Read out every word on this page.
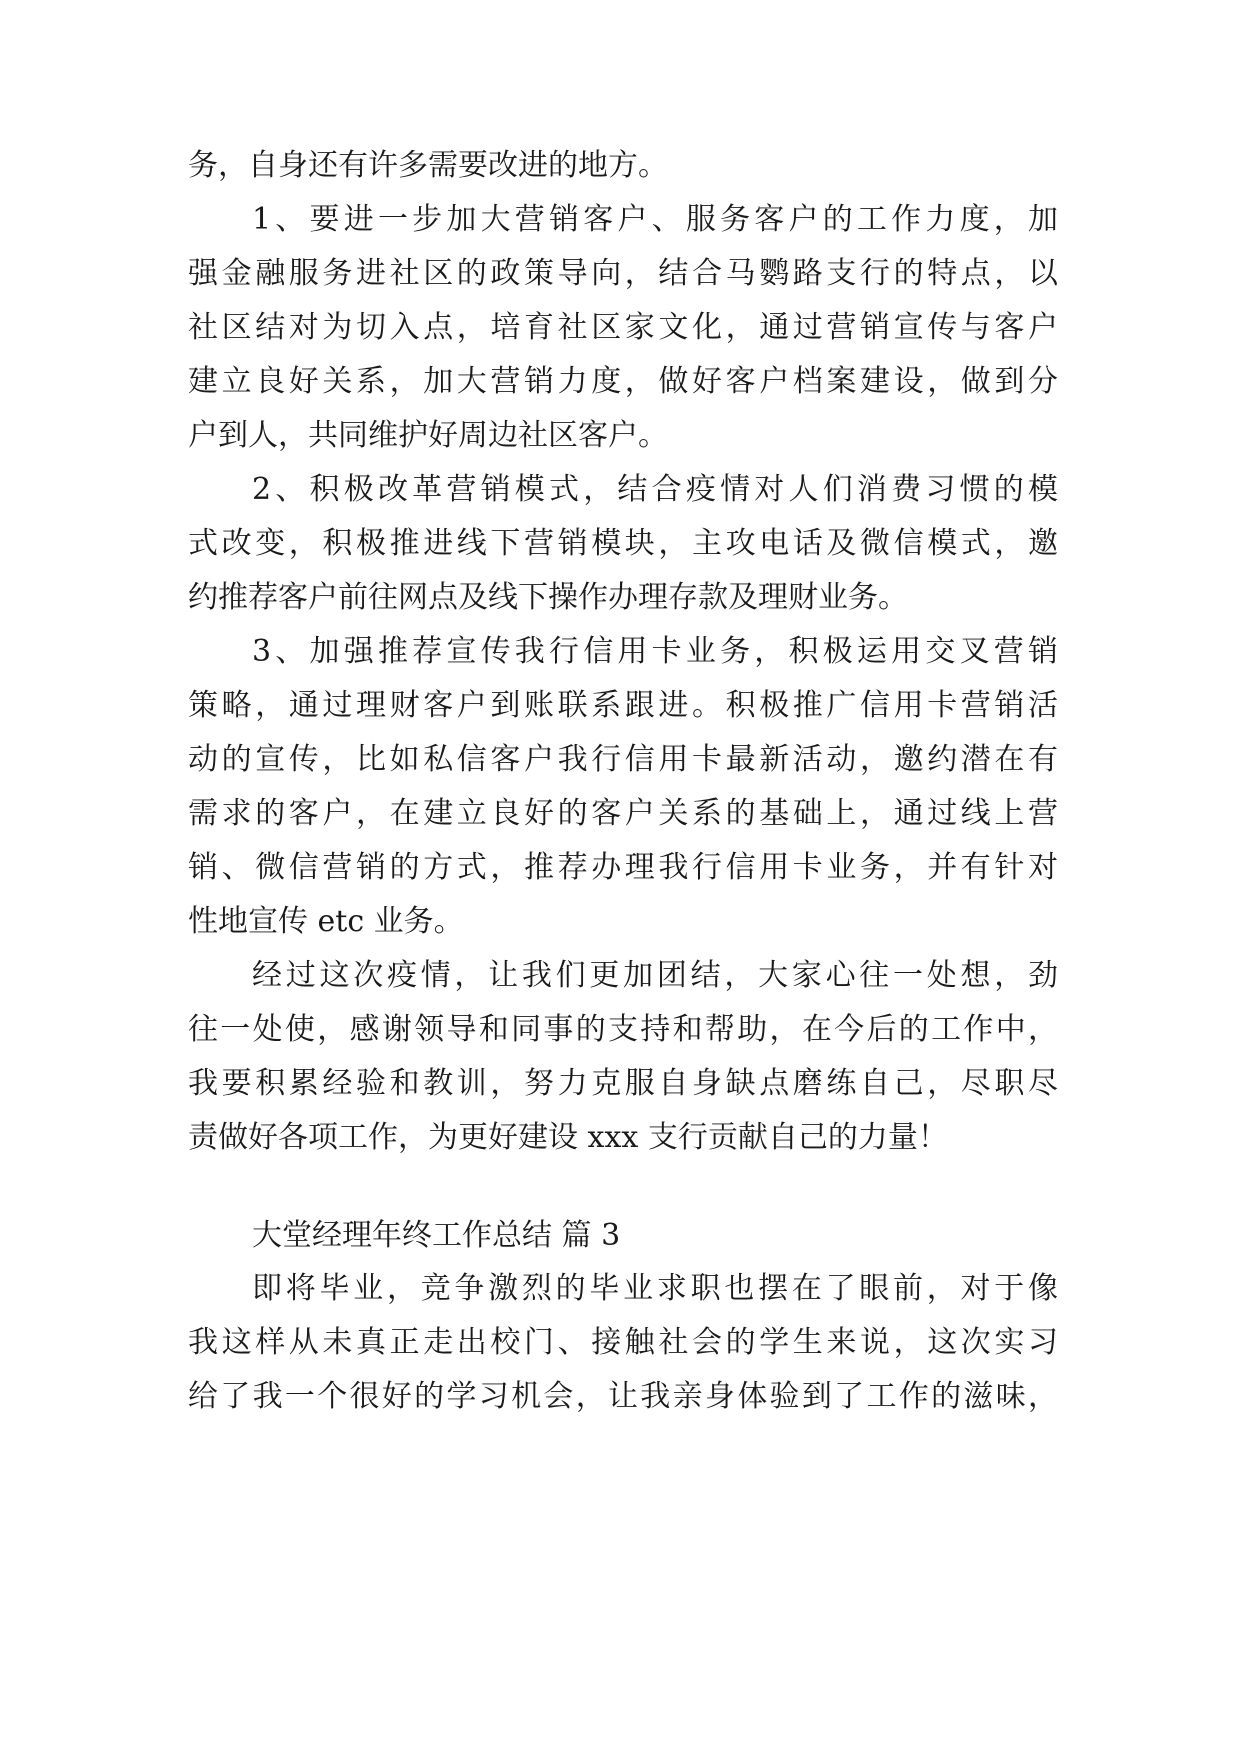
务，自身还有许多需要改进的地方。
1、要进一步加大营销客户、服务客户的工作力度，加
强金融服务进社区的政策导向，结合马鹦路支行的特点，以
社区结对为切入点，培育社区家文化，通过营销宣传与客户
建立良好关系，加大营销力度，做好客户档案建设，做到分
户到人，共同维护好周边社区客户。
2、积极改革营销模式，结合疫情对人们消费习惯的模
式改变，积极推进线下营销模块，主攻电话及微信模式，邀
约推荐客户前往网点及线下操作办理存款及理财业务。
3、加强推荐宣传我行信用卡业务，积极运用交叉营销
策略，通过理财客户到账联系跟进。积极推广信用卡营销活
动的宣传，比如私信客户我行信用卡最新活动，邀约潜在有
需求的客户，在建立良好的客户关系的基础上，通过线上营
销、微信营销的方式，推荐办理我行信用卡业务，并有针对
性地宣传 etc 业务。
经过这次疫情，让我们更加团结，大家心往一处想，劲
往一处使，感谢领导和同事的支持和帮助，在今后的工作中，
我要积累经验和教训，努力克服自身缺点磨练自己，尽职尽
责做好各项工作，为更好建设 xxx 支行贡献自己的力量！
大堂经理年终工作总结 篇 3
即将毕业，竞争激烈的毕业求职也摆在了眼前，对于像
我这样从未真正走出校门、接触社会的学生来说，这次实习
给了我一个很好的学习机会，让我亲身体验到了工作的滋味，
